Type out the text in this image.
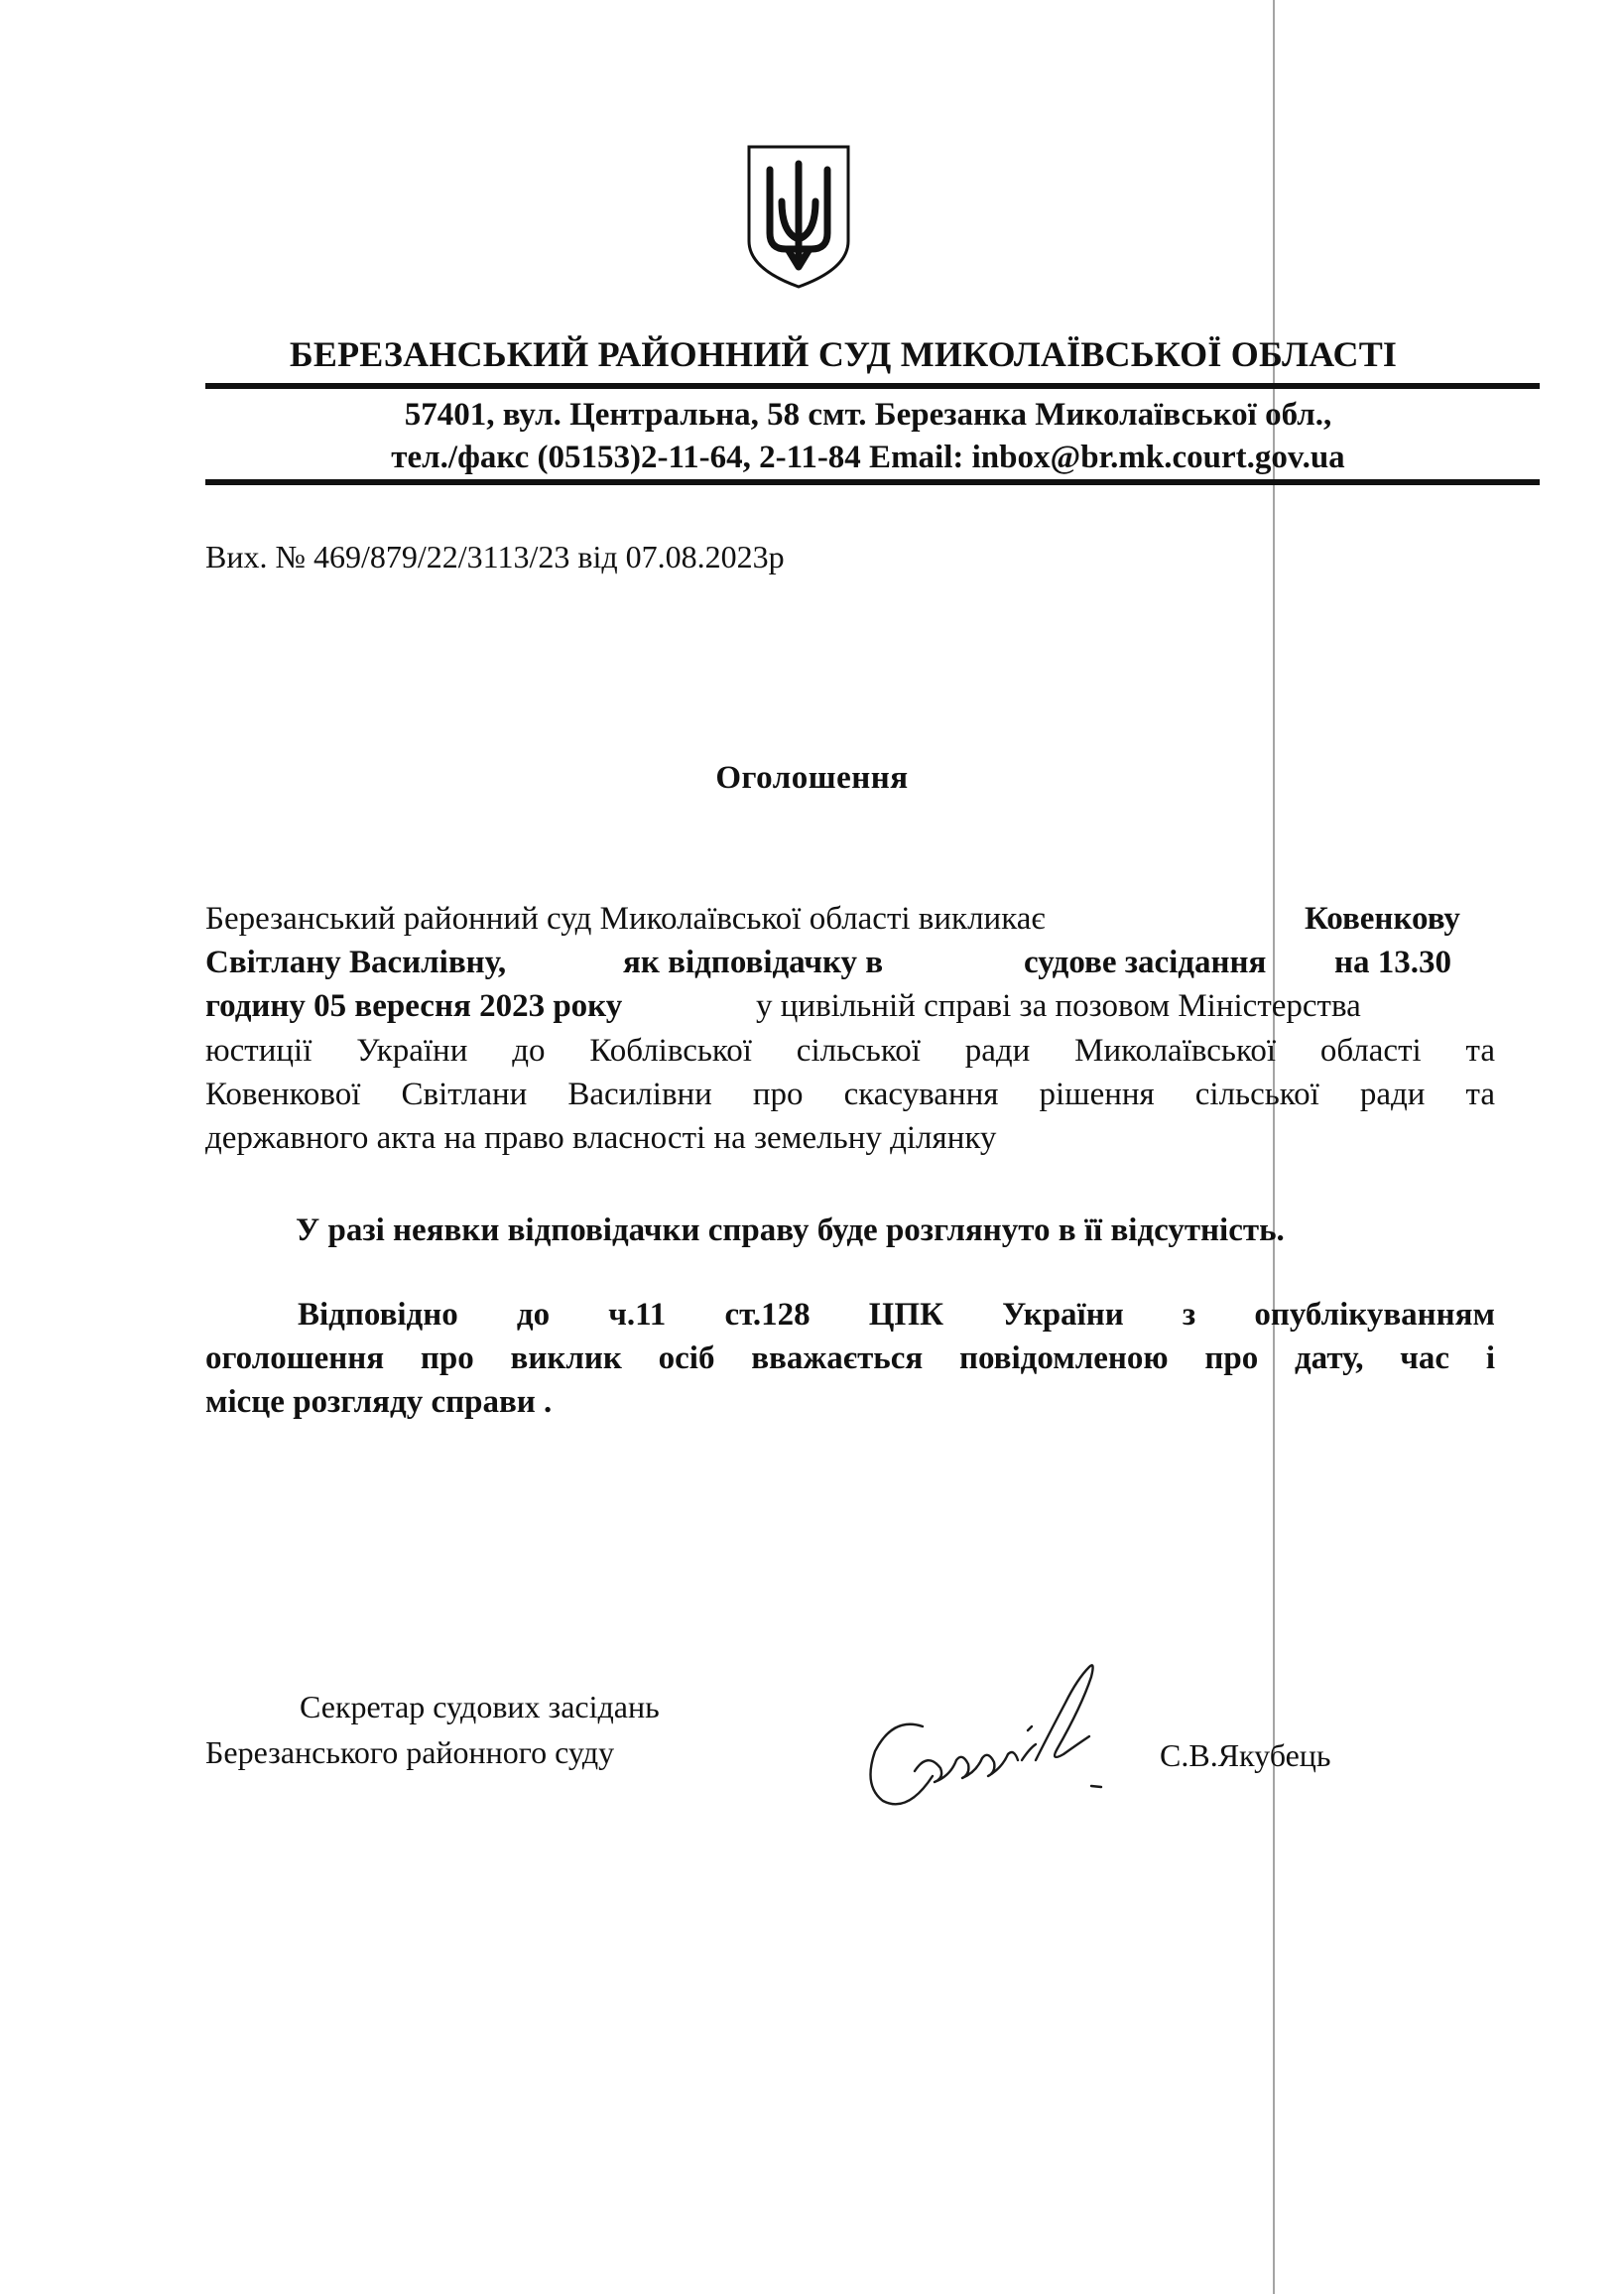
БЕРЕЗАНСЬКИЙ РАЙОННИЙ СУД МИКОЛАЇВСЬКОЇ ОБЛАСТІ
57401, вул. Центральна, 58 смт. Березанка Миколаївської обл.,
тел./факс (05153)2-11-64, 2-11-84 Email: inbox@br.mk.court.gov.ua
Вих. № 469/879/22/3113/23 від 07.08.2023р
Оголошення
Березанський районний суд Миколаївської області викликає	Ковенкову
Світлану Василівну,	як відповідачку в	судове засідання на 13.30
годину 05 вересня 2023 року	у цивільній справі за позовом Міністерства
юстиції України до Коблівської сільської ради Миколаївської області та
Ковенкової Світлани Василівни про скасування рішення сільської ради та
державного акта на право власності на земельну ділянку
У разі неявки відповідачки справу буде розглянуто в її відсутність.
Відповідно до ч.11 ст.128 ЦПК України з опублікуванням
оголошення про виклик осіб вважається повідомленою про дату, час і
місце розгляду справи .
Секретар судових засідань
Березанського районного суду	С.В.Якубець
